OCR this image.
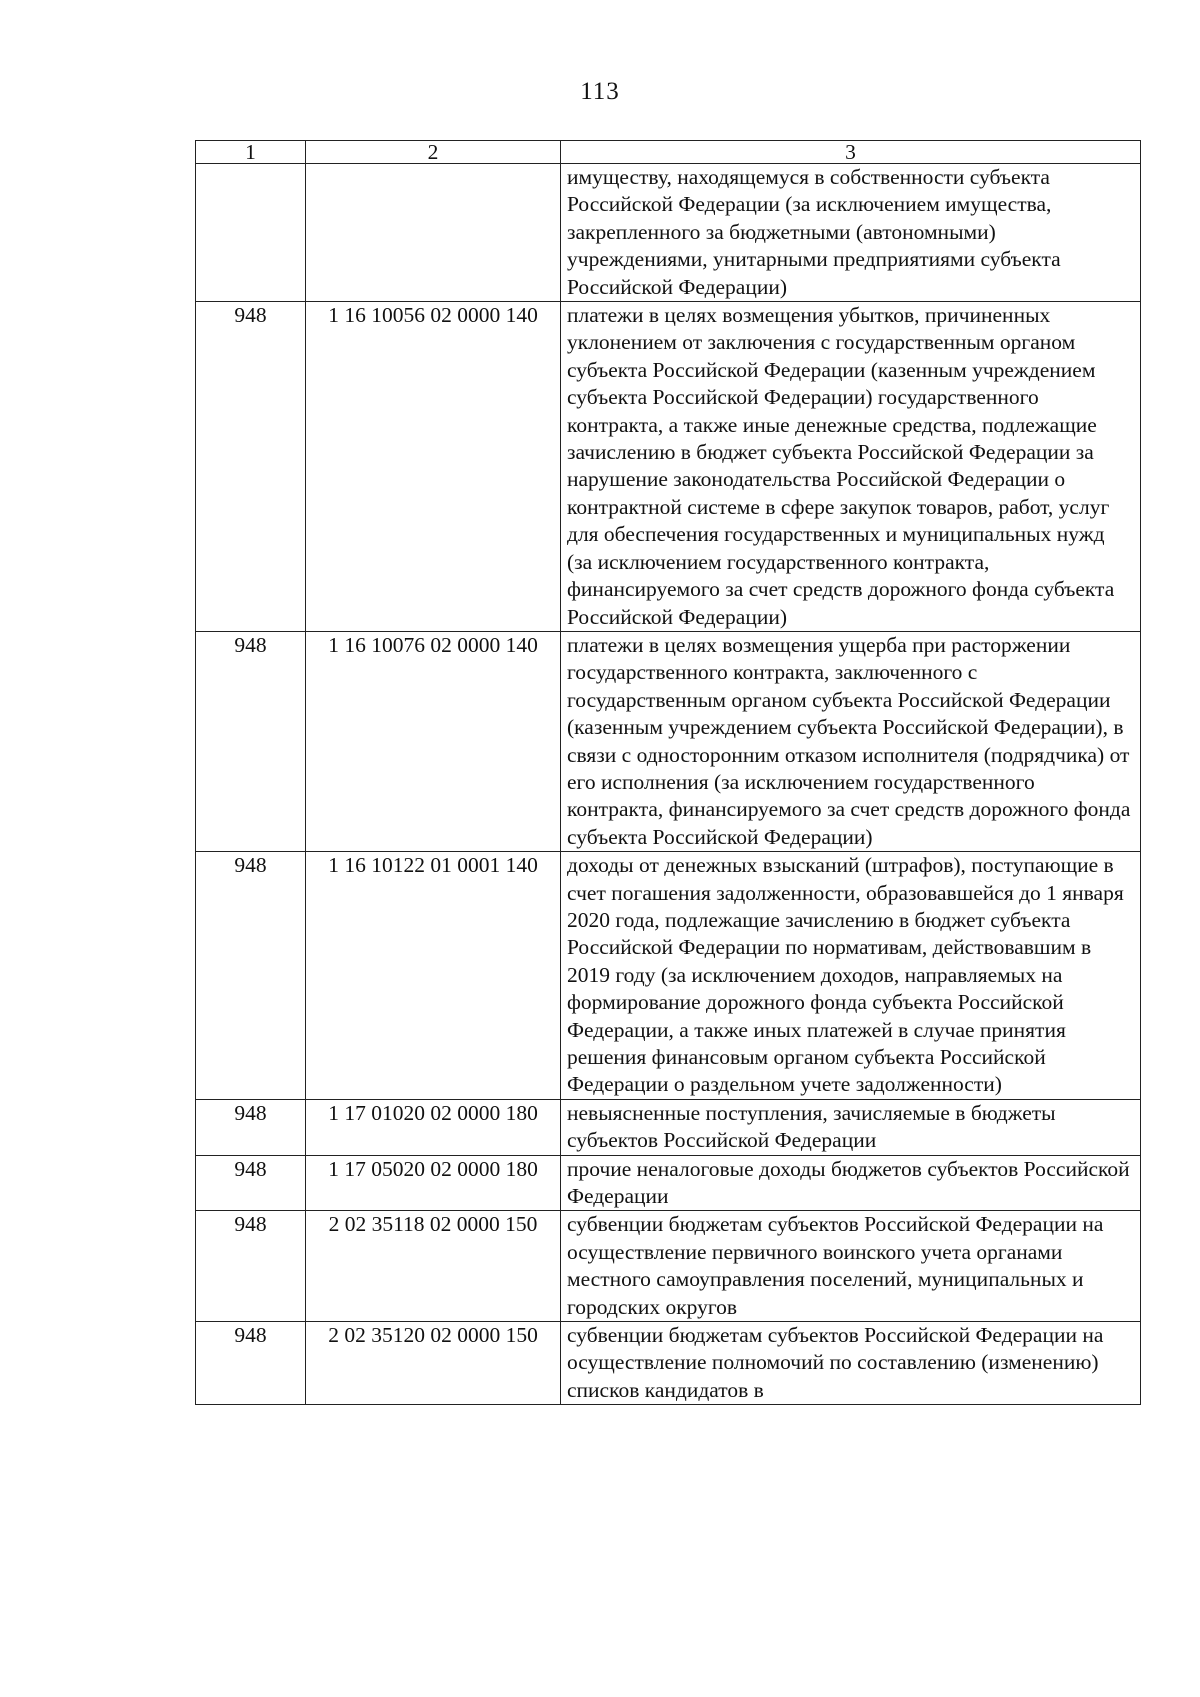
113
1	2	3
		имуществу, находящемуся в собственности субъекта Российской Федерации (за исключением имущества, закрепленного за бюджетными (автономными) учреждениями, унитарными предприятиями субъекта Российской Федерации)
948	1 16 10056 02 0000 140	платежи в целях возмещения убытков, причиненных уклонением от заключения с государственным органом субъекта Российской Федерации (казенным учреждением субъекта Российской Федерации) государственного контракта, а также иные денежные средства, подлежащие зачислению в бюджет субъекта Российской Федерации за нарушение законодательства Российской Федерации о контрактной системе в сфере закупок товаров, работ, услуг для обеспечения государственных и муниципальных нужд (за исключением государственного контракта, финансируемого за счет средств дорожного фонда субъекта Российской Федерации)
948	1 16 10076 02 0000 140	платежи в целях возмещения ущерба при расторжении государственного контракта, заключенного с государственным органом субъекта Российской Федерации (казенным учреждением субъекта Российской Федерации), в связи с односторонним отказом исполнителя (подрядчика) от его исполнения (за исключением государственного контракта, финансируемого за счет средств дорожного фонда субъекта Российской Федерации)
948	1 16 10122 01 0001 140	доходы от денежных взысканий (штрафов), поступающие в счет погашения задолженности, образовавшейся до 1 января 2020 года, подлежащие зачислению в бюджет субъекта Российской Федерации по нормативам, действовавшим в 2019 году (за исключением доходов, направляемых на формирование дорожного фонда субъекта Российской Федерации, а также иных платежей в случае принятия решения финансовым органом субъекта Российской Федерации о раздельном учете задолженности)
948	1 17 01020 02 0000 180	невыясненные поступления, зачисляемые в бюджеты субъектов Российской Федерации
948	1 17 05020 02 0000 180	прочие неналоговые доходы бюджетов субъектов Российской Федерации
948	2 02 35118 02 0000 150	субвенции бюджетам субъектов Российской Федерации на осуществление первичного воинского учета органами местного самоуправления поселений, муниципальных и городских округов
948	2 02 35120 02 0000 150	субвенции бюджетам субъектов Российской Федерации на осуществление полномочий по составлению (изменению) списков кандидатов в
